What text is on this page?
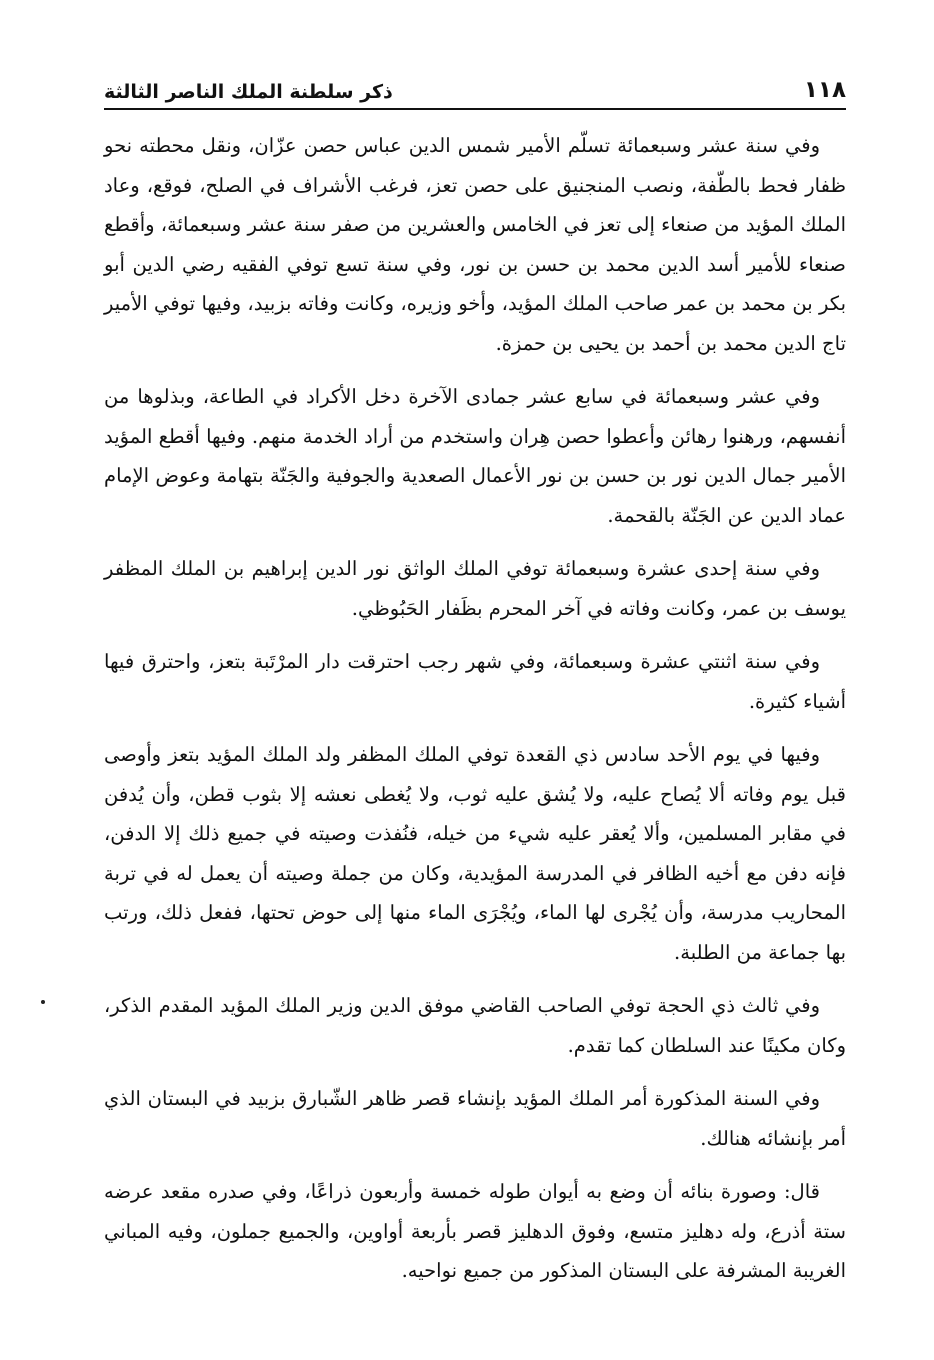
١١٨
ذكر سلطنة الملك الناصر الثالثة

وفي سنة عشر وسبعمائة تسلّم الأمير شمس الدين عباس حصن عزّان، ونقل محطته نحو ظفار فحط بالطّفة، ونصب المنجنيق على حصن تعز، فرغب الأشراف في الصلح، فوقع، وعاد الملك المؤيد من صنعاء إلى تعز في الخامس والعشرين من صفر سنة عشر وسبعمائة، وأقطع صنعاء للأمير أسد الدين محمد بن حسن بن نور، وفي سنة تسع توفي الفقيه رضي الدين أبو بكر بن محمد بن عمر صاحب الملك المؤيد، وأخو وزيره، وكانت وفاته بزبيد، وفيها توفي الأمير تاج الدين محمد بن أحمد بن يحيى بن حمزة.

وفي عشر وسبعمائة في سابع عشر جمادى الآخرة دخل الأكراد في الطاعة، وبذلوها من أنفسهم، ورهنوا رهائن وأعطوا حصن هِران واستخدم من أراد الخدمة منهم. وفيها أقطع المؤيد الأمير جمال الدين نور بن حسن بن نور الأعمال الصعدية والجوفية والجَنّة بتهامة وعوض الإمام عماد الدين عن الجَنّة بالقحمة.

وفي سنة إحدى عشرة وسبعمائة توفي الملك الواثق نور الدين إبراهيم بن الملك المظفر يوسف بن عمر، وكانت وفاته في آخر المحرم بظَفار الحَبُوظي.

وفي سنة اثنتي عشرة وسبعمائة، وفي شهر رجب احترقت دار المرْتَبة بتعز، واحترق فيها أشياء كثيرة.

وفيها في يوم الأحد سادس ذي القعدة توفي الملك المظفر ولد الملك المؤيد بتعز وأوصى قبل يوم وفاته ألا يُصاح عليه، ولا يُشق عليه ثوب، ولا يُغطى نعشه إلا بثوب قطن، وأن يُدفن في مقابر المسلمين، وألا يُعقر عليه شيء من خيله، فنُفذت وصيته في جميع ذلك إلا الدفن، فإنه دفن مع أخيه الظافر في المدرسة المؤيدية، وكان من جملة وصيته أن يعمل له في تربة المحاريب مدرسة، وأن يُجْرى لها الماء، ويُجْرَى الماء منها إلى حوض تحتها، ففعل ذلك، ورتب بها جماعة من الطلبة.

وفي ثالث ذي الحجة توفي الصاحب القاضي موفق الدين وزير الملك المؤيد المقدم الذكر، وكان مكينًا عند السلطان كما تقدم.

وفي السنة المذكورة أمر الملك المؤيد بإنشاء قصر ظاهر الشّبارق بزبيد في البستان الذي أمر بإنشائه هنالك.

قال: وصورة بنائه أن وضع به أيوان طوله خمسة وأربعون ذراعًا، وفي صدره مقعد عرضه ستة أذرع، وله دهليز متسع، وفوق الدهليز قصر بأربعة أواوين، والجميع جملون، وفيه المباني الغريبة المشرفة على البستان المذكور من جميع نواحيه.
